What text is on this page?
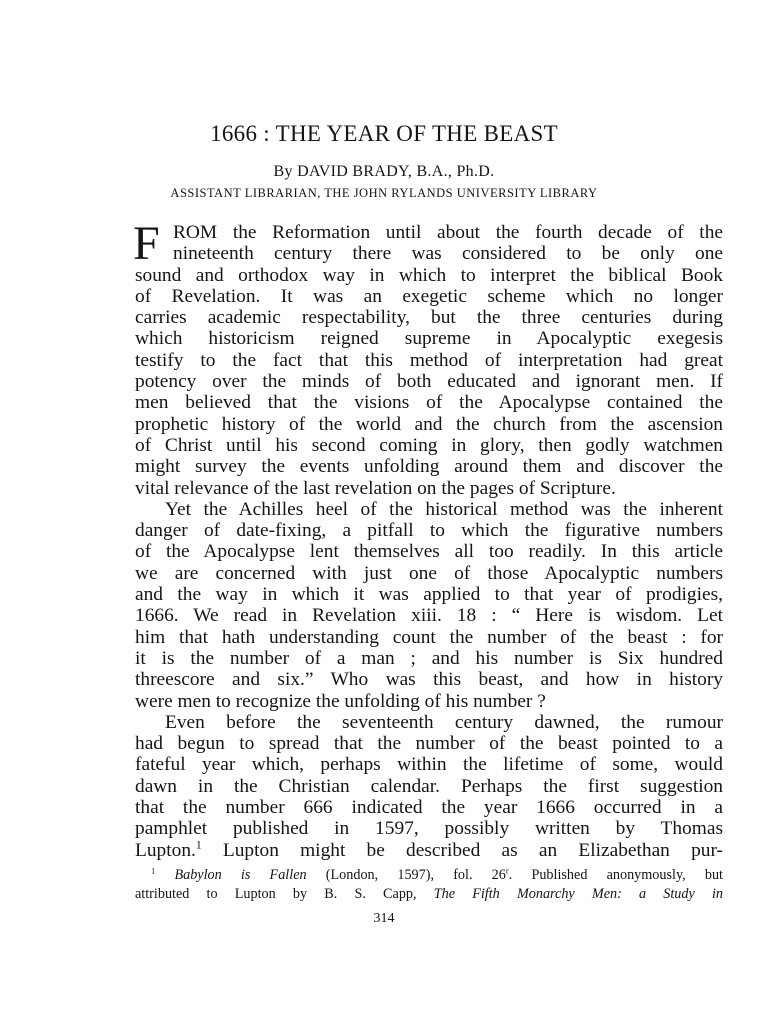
1666 : THE YEAR OF THE BEAST
By DAVID BRADY, B.A., Ph.D.
ASSISTANT LIBRARIAN, THE JOHN RYLANDS UNIVERSITY LIBRARY
F ROM the Reformation until about the fourth decade of the
nineteenth century there was considered to be only one
sound and orthodox way in which to interpret the biblical Book
of Revelation. It was an exegetic scheme which no longer
carries academic respectability, but the three centuries during
which historicism reigned supreme in Apocalyptic exegesis
testify to the fact that this method of interpretation had great
potency over the minds of both educated and ignorant men. If
men believed that the visions of the Apocalypse contained the
prophetic history of the world and the church from the ascension
of Christ until his second coming in glory, then godly watchmen
might survey the events unfolding around them and discover the
vital relevance of the last revelation on the pages of Scripture.
Yet the Achilles heel of the historical method was the inherent
danger of date-fixing, a pitfall to which the figurative numbers
of the Apocalypse lent themselves all too readily. In this article
we are concerned with just one of those Apocalyptic numbers
and the way in which it was applied to that year of prodigies,
1666. We read in Revelation xiii. 18 : “ Here is wisdom. Let
him that hath understanding count the number of the beast : for
it is the number of a man ; and his number is Six hundred
threescore and six.” Who was this beast, and how in history
were men to recognize the unfolding of his number ?
Even before the seventeenth century dawned, the rumour
had begun to spread that the number of the beast pointed to a
fateful year which, perhaps within the lifetime of some, would
dawn in the Christian calendar. Perhaps the first suggestion
that the number 666 indicated the year 1666 occurred in a
pamphlet published in 1597, possibly written by Thomas
Lupton.$^1$ Lupton might be described as an Elizabethan pur-
$^1$ Babylon is Fallen (London, 1597), fol. 26$^r$. Published anonymously, but
attributed to Lupton by B. S. Capp, The Fifth Monarchy Men: a Study in
314
